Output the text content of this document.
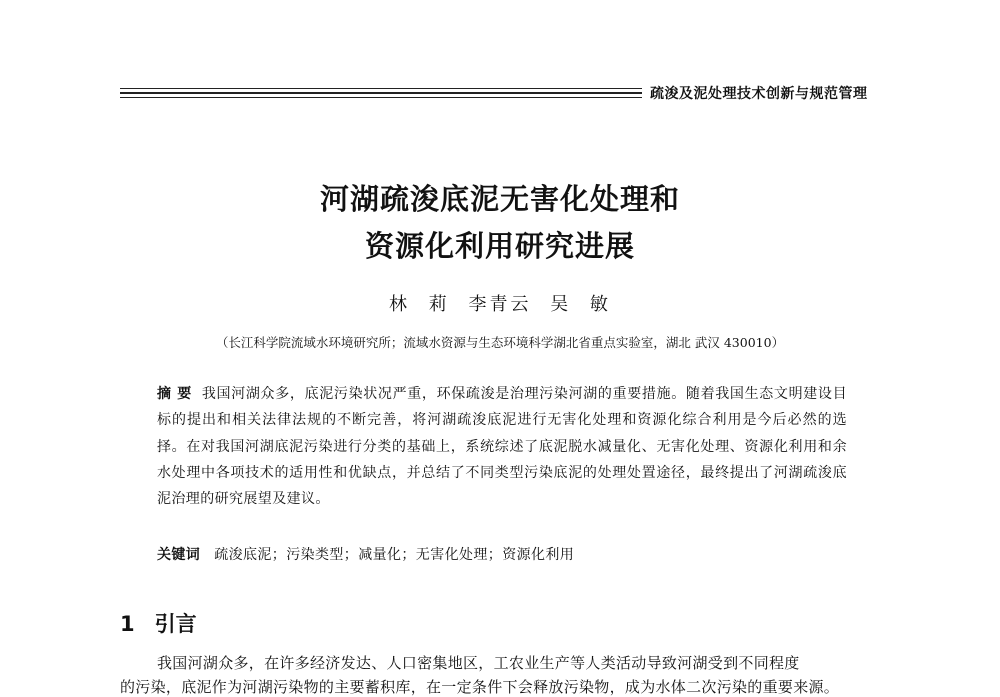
疏浚及泥处理技术创新与规范管理
河湖疏浚底泥无害化处理和
资源化利用研究进展
林 莉 李青云 吴 敏
（长江科学院流域水环境研究所；流域水资源与生态环境科学湖北省重点实验室，湖北 武汉 430010）

摘 要 我国河湖众多，底泥污染状况严重，环保疏浚是治理污染河湖的重要措施。随着我国生态文明建设目标的提出和相关法律法规的不断完善，将河湖疏浚底泥进行无害化处理和资源化综合利用是今后必然的选择。在对我国河湖底泥污染进行分类的基础上，系统综述了底泥脱水减量化、无害化处理、资源化利用和余水处理中各项技术的适用性和优缺点，并总结了不同类型污染底泥的处理处置途径，最终提出了河湖疏浚底泥治理的研究展望及建议。

关键词 疏浚底泥；污染类型；减量化；无害化处理；资源化利用

1 引言

我国河湖众多，在许多经济发达、人口密集地区，工农业生产等人类活动导致河湖受到不同程度

的污染，底泥作为河湖污染物的主要蓄积库，在一定条件下会释放污染物，成为水体二次污染的重要来源。
